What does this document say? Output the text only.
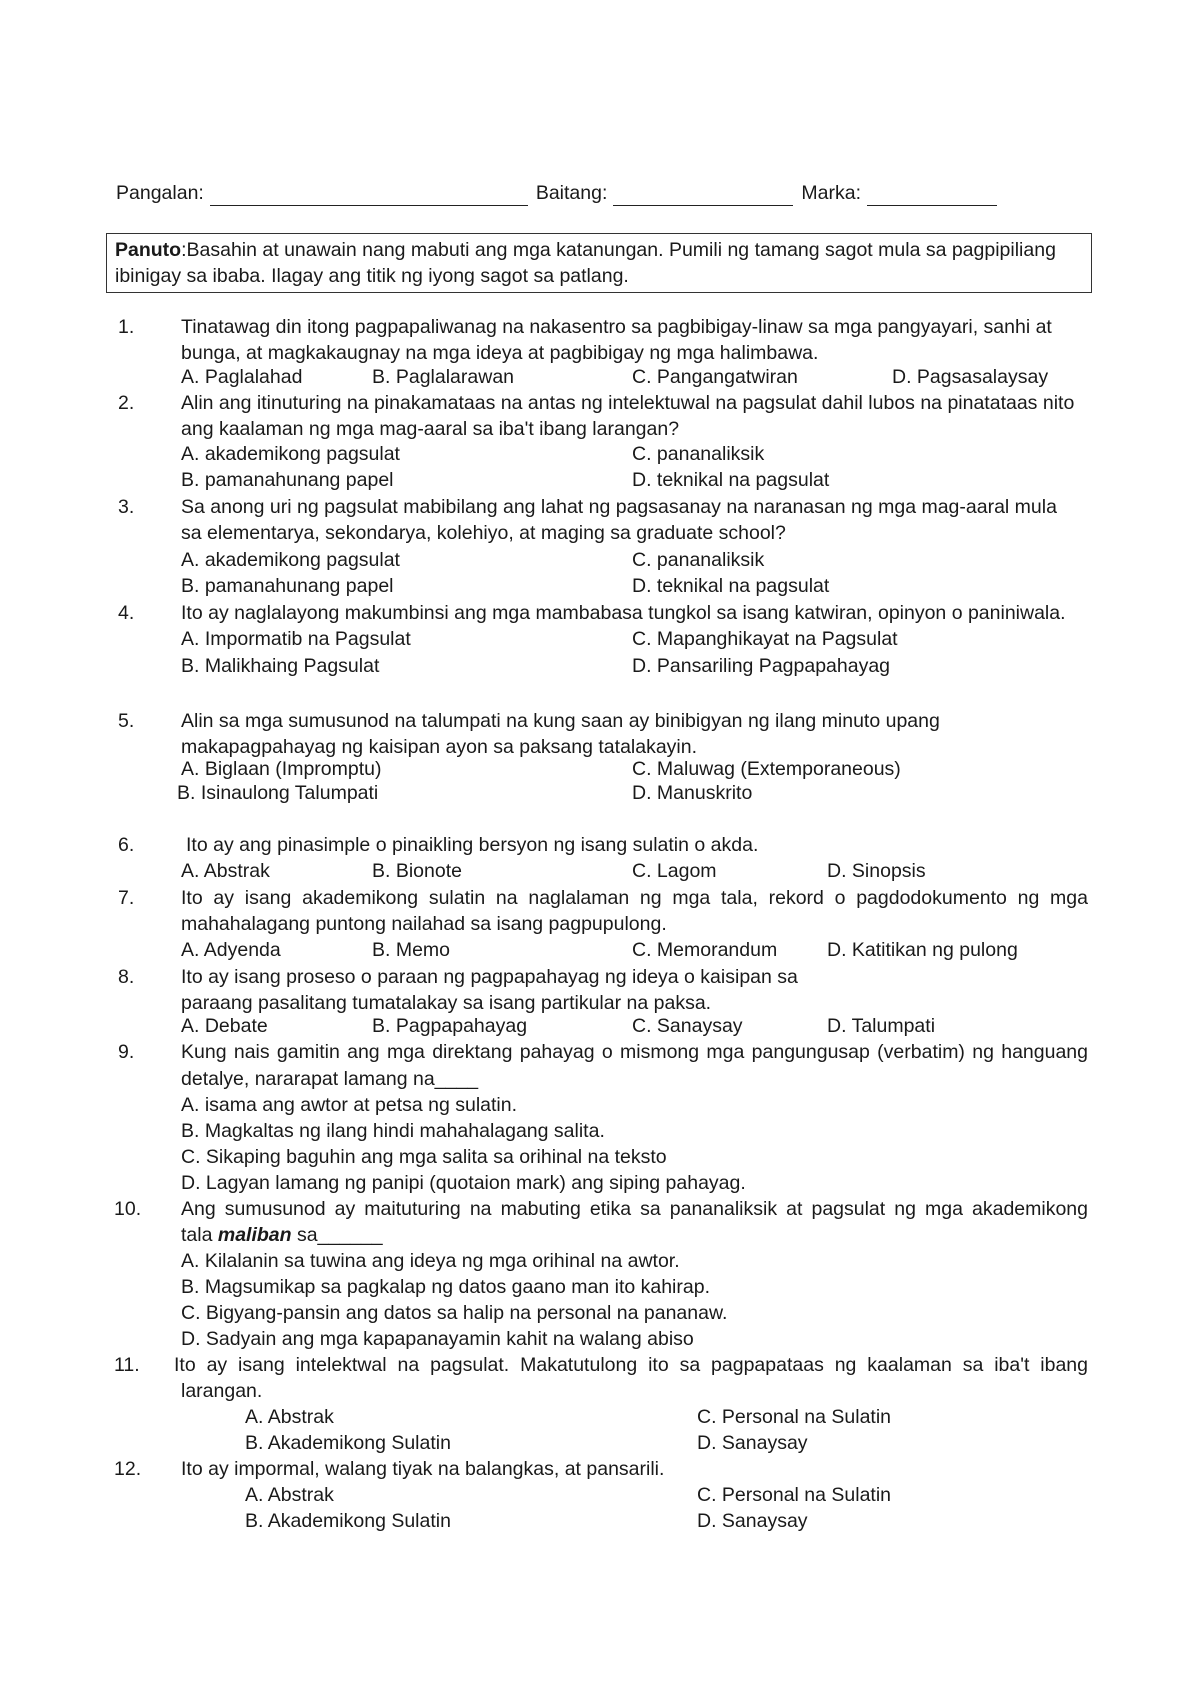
Pangalan:	Baitang:	Marka:
Panuto:Basahin at unawain nang mabuti ang mga katanungan. Pumili ng tamang sagot mula sa pagpipiliang
ibinigay sa ibaba. Ilagay ang titik ng iyong sagot sa patlang.
1. Tinatawag din itong pagpapaliwanag na nakasentro sa pagbibigay-linaw sa mga pangyayari, sanhi at
bunga, at magkakaugnay na mga ideya at pagbibigay ng mga halimbawa.
A. Paglalahad	B. Paglalarawan	C. Pangangatwiran	D. Pagsasalaysay
2. Alin ang itinuturing na pinakamataas na antas ng intelektuwal na pagsulat dahil lubos na pinatataas nito
ang kaalaman ng mga mag-aaral sa iba't ibang larangan?
A. akademikong pagsulat	C. pananaliksik
B. pamanahunang papel	D. teknikal na pagsulat
3. Sa anong uri ng pagsulat mabibilang ang lahat ng pagsasanay na naranasan ng mga mag-aaral mula
sa elementarya, sekondarya, kolehiyo, at maging sa graduate school?
A. akademikong pagsulat	C. pananaliksik
B. pamanahunang papel	D. teknikal na pagsulat
4. Ito ay naglalayong makumbinsi ang mga mambabasa tungkol sa isang katwiran, opinyon o paniniwala.
A. Impormatib na Pagsulat	C. Mapanghikayat na Pagsulat
B. Malikhaing Pagsulat	D. Pansariling Pagpapahayag
5. Alin sa mga sumusunod na talumpati na kung saan ay binibigyan ng ilang minuto upang
makapagpahayag ng kaisipan ayon sa paksang tatalakayin.
A. Biglaan (Impromptu)	C. Maluwag (Extemporaneous)
B. Isinaulong Talumpati	D. Manuskrito
6.	Ito ay ang pinasimple o pinaikling bersyon ng isang sulatin o akda.
A. Abstrak	B. Bionote	C. Lagom	D. Sinopsis
7. Ito ay isang akademikong sulatin na naglalaman ng mga tala, rekord o pagdodokumento ng mga
mahahalagang puntong nailahad sa isang pagpupulong.
A. Adyenda	B. Memo	C. Memorandum	D. Katitikan ng pulong
8. Ito ay isang proseso o paraan ng pagpapahayag ng ideya o kaisipan sa
paraang pasalitang tumatalakay sa isang partikular na paksa.
A. Debate	B. Pagpapahayag	C. Sanaysay	D. Talumpati
9. Kung nais gamitin ang mga direktang pahayag o mismong mga pangungusap (verbatim) ng hanguang
detalye, nararapat lamang na____
A. isama ang awtor at petsa ng sulatin.
B. Magkaltas ng ilang hindi mahahalagang salita.
C. Sikaping baguhin ang mga salita sa orihinal na teksto
D. Lagyan lamang ng panipi (quotaion mark) ang siping pahayag.
10. Ang sumusunod ay maituturing na mabuting etika sa pananaliksik at pagsulat ng mga akademikong
tala maliban sa______
A. Kilalanin sa tuwina ang ideya ng mga orihinal na awtor.
B. Magsumikap sa pagkalap ng datos gaano man ito kahirap.
C. Bigyang-pansin ang datos sa halip na personal na pananaw.
D. Sadyain ang mga kapapanayamin kahit na walang abiso
11. Ito ay isang intelektwal na pagsulat. Makatutulong ito sa pagpapataas ng kaalaman sa iba't ibang
larangan.
A. Abstrak	C. Personal na Sulatin
B. Akademikong Sulatin	D. Sanaysay
12. Ito ay impormal, walang tiyak na balangkas, at pansarili.
A. Abstrak	C. Personal na Sulatin
B. Akademikong Sulatin	D. Sanaysay
